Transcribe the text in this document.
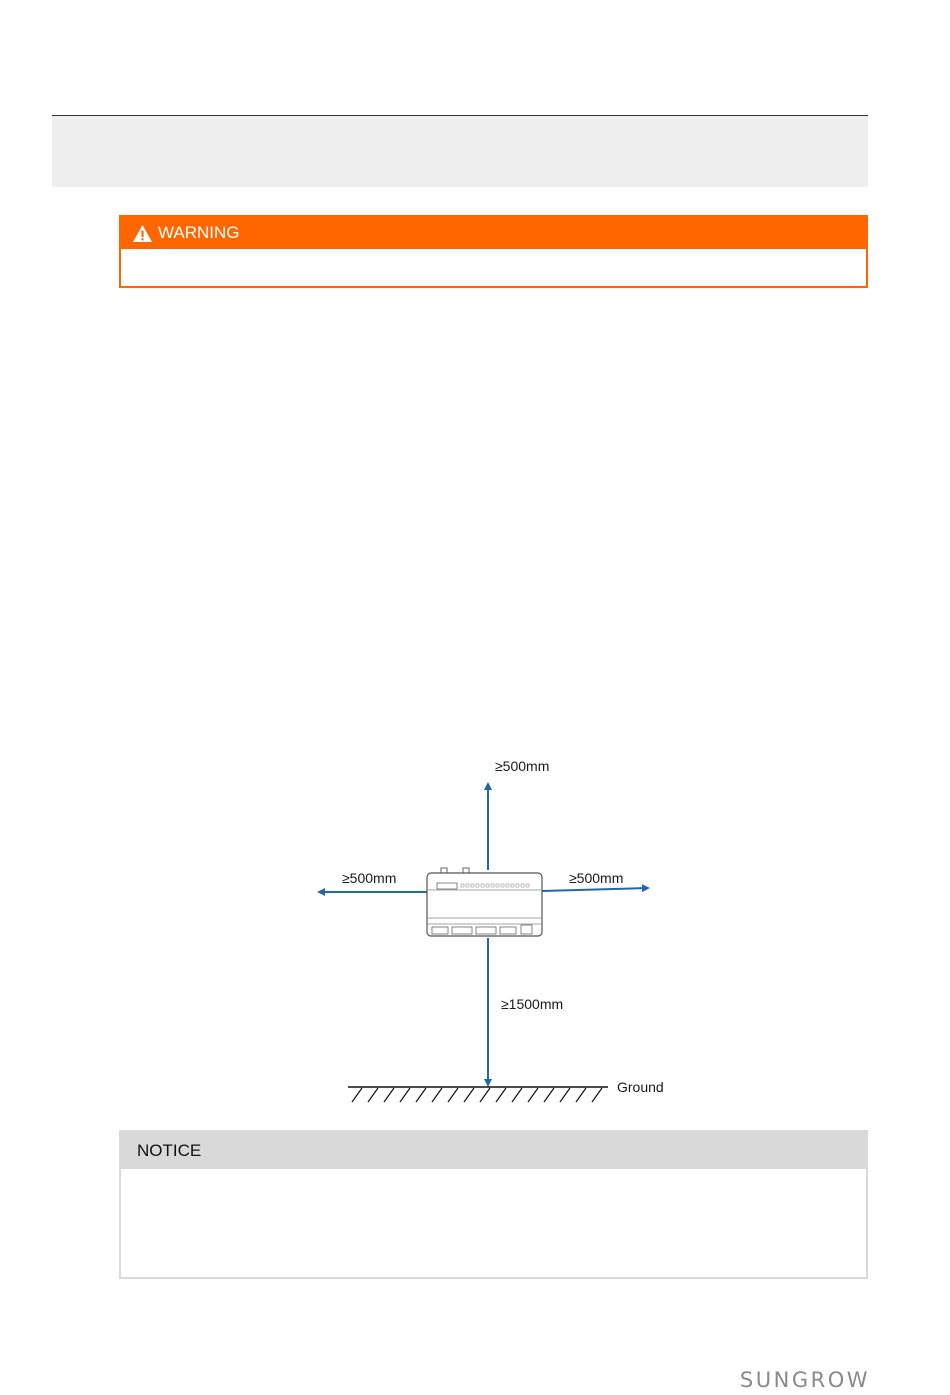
WARNING
≥500mm
≥500mm	≥500mm
≥1500mm
Ground
NOTICE
SUNGROW
